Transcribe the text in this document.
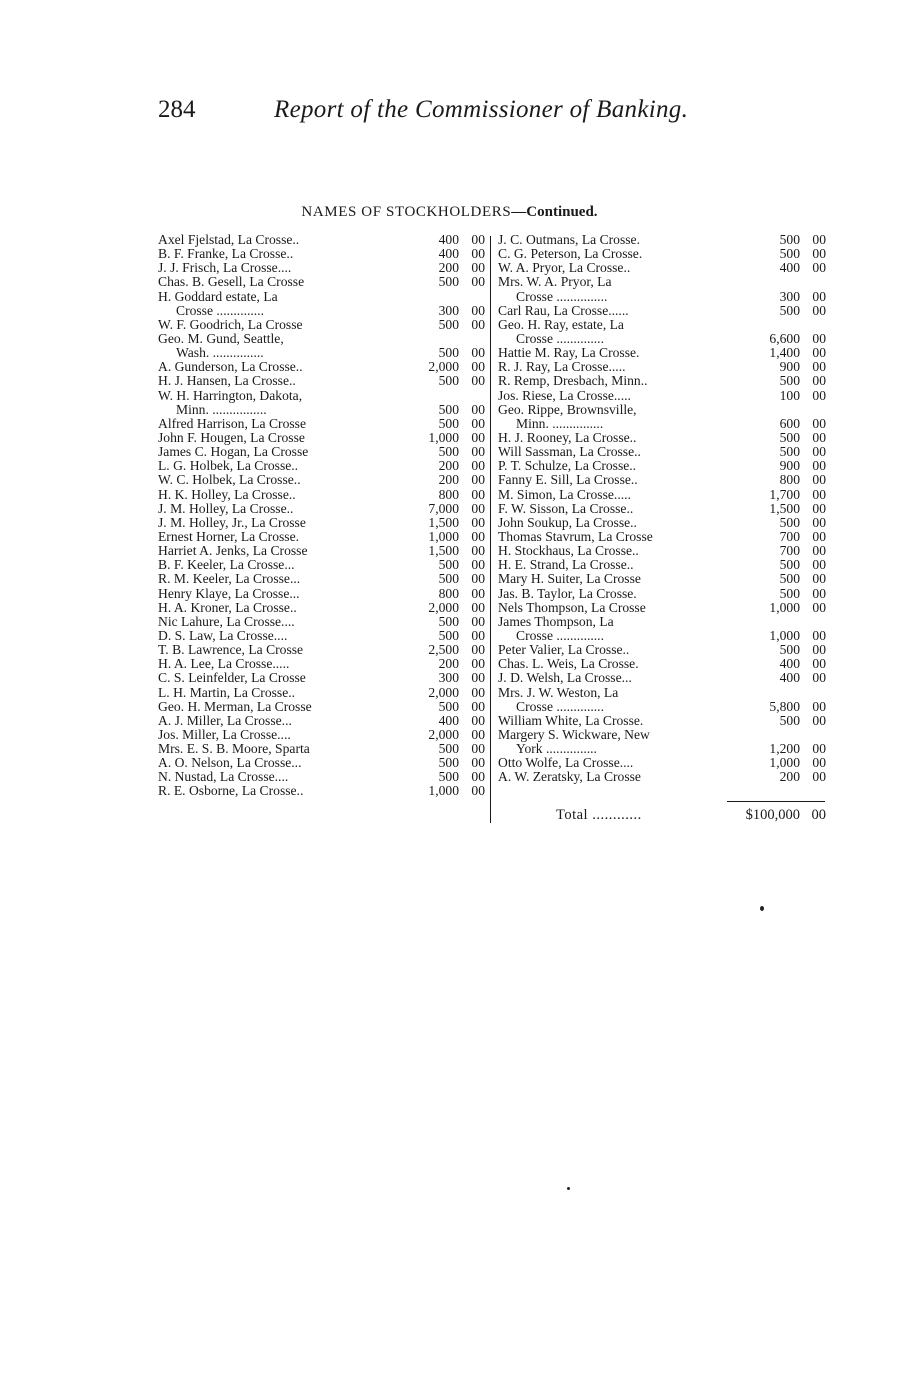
284	Report of the Commissioner of Banking.
NAMES OF STOCKHOLDERS—Continued.
Axel Fjelstad, La Crosse..	400 00
B. F. Franke, La Crosse..	400 00
J. J. Frisch, La Crosse....	200 00
Chas. B. Gesell, La Crosse	500 00
H. Goddard estate, La
Crosse ..............	300 00
W. F. Goodrich, La Crosse	500 00
Geo. M. Gund, Seattle,
Wash. ...............	500 00
A. Gunderson, La Crosse..	2,000 00
H. J. Hansen, La Crosse..	500 00
W. H. Harrington, Dakota,
Minn. ................	500 00
Alfred Harrison, La Crosse	500 00
John F. Hougen, La Crosse	1,000 00
James C. Hogan, La Crosse	500 00
L. G. Holbek, La Crosse..	200 00
W. C. Holbek, La Crosse..	200 00
H. K. Holley, La Crosse..	800 00
J. M. Holley, La Crosse..	7,000 00
J. M. Holley, Jr., La Crosse	1,500 00
Ernest Horner, La Crosse.	1,000 00
Harriet A. Jenks, La Crosse	1,500 00
B. F. Keeler, La Crosse...	500 00
R. M. Keeler, La Crosse...	500 00
Henry Klaye, La Crosse...	800 00
H. A. Kroner, La Crosse..	2,000 00
Nic Lahure, La Crosse....	500 00
D. S. Law, La Crosse....	500 00
T. B. Lawrence, La Crosse	2,500 00
H. A. Lee, La Crosse.....	200 00
C. S. Leinfelder, La Crosse	300 00
L. H. Martin, La Crosse..	2,000 00
Geo. H. Merman, La Crosse	500 00
A. J. Miller, La Crosse...	400 00
Jos. Miller, La Crosse....	2,000 00
Mrs. E. S. B. Moore, Sparta	500 00
A. O. Nelson, La Crosse...	500 00
N. Nustad, La Crosse....	500 00
R. E. Osborne, La Crosse..	1,000 00
J. C. Outmans, La Crosse.	500 00
C. G. Peterson, La Crosse.	500 00
W. A. Pryor, La Crosse..	400 00
Mrs. W. A. Pryor, La
Crosse ...............	300 00
Carl Rau, La Crosse......	500 00
Geo. H. Ray, estate, La
Crosse ..............	6,600 00
Hattie M. Ray, La Crosse.	1,400 00
R. J. Ray, La Crosse.....	900 00
R. Remp, Dresbach, Minn..	500 00
Jos. Riese, La Crosse.....	100 00
Geo. Rippe, Brownsville,
Minn. ...............	600 00
H. J. Rooney, La Crosse..	500 00
Will Sassman, La Crosse..	500 00
P. T. Schulze, La Crosse..	900 00
Fanny E. Sill, La Crosse..	800 00
M. Simon, La Crosse.....	1,700 00
F. W. Sisson, La Crosse..	1,500 00
John Soukup, La Crosse..	500 00
Thomas Stavrum, La Crosse	700 00
H. Stockhaus, La Crosse..	700 00
H. E. Strand, La Crosse..	500 00
Mary H. Suiter, La Crosse	500 00
Jas. B. Taylor, La Crosse.	500 00
Nels Thompson, La Crosse	1,000 00
James Thompson, La
Crosse ..............	1,000 00
Peter Valier, La Crosse..	500 00
Chas. L. Weis, La Crosse.	400 00
J. D. Welsh, La Crosse...	400 00
Mrs. J. W. Weston, La
Crosse ..............	5,800 00
William White, La Crosse.	500 00
Margery S. Wickware, New
York ...............	1,200 00
Otto Wolfe, La Crosse....	1,000 00
A. W. Zeratsky, La Crosse	200 00
Total ............	$100,000 00
